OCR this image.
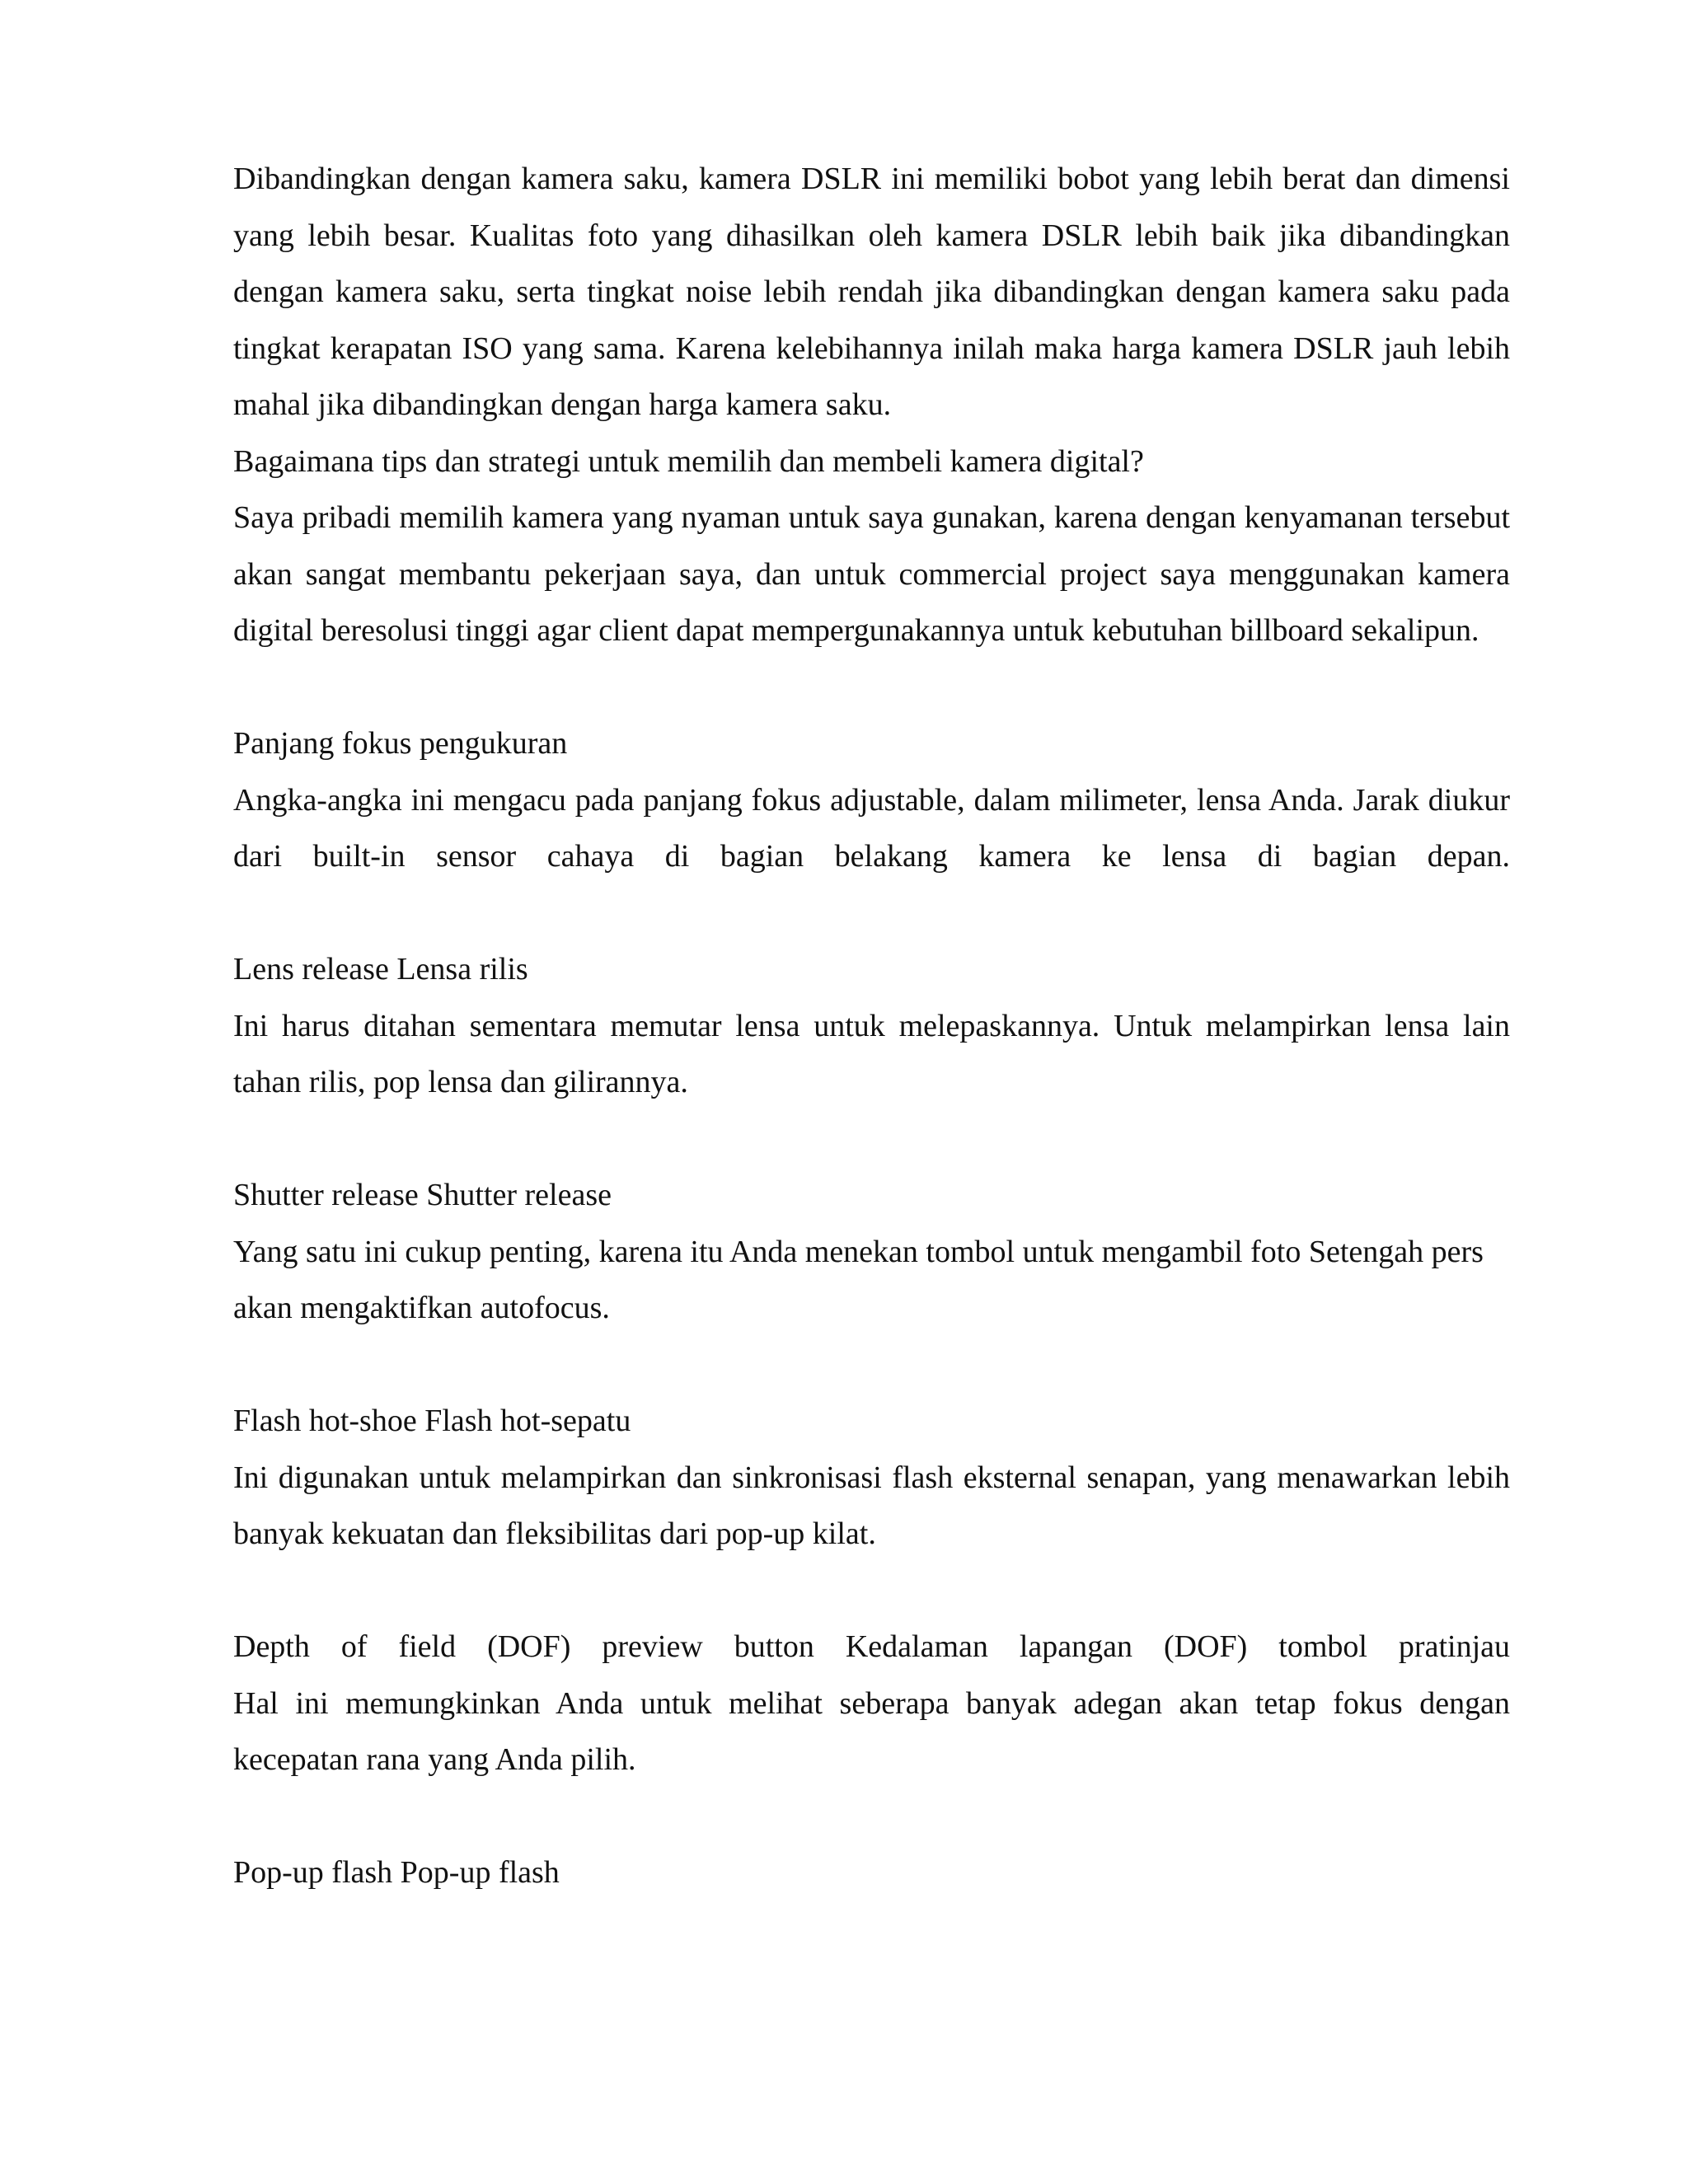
Dibandingkan dengan kamera saku, kamera DSLR ini memiliki bobot yang lebih berat dan dimensi yang lebih besar. Kualitas foto yang dihasilkan oleh kamera DSLR lebih baik jika dibandingkan dengan kamera saku, serta tingkat noise lebih rendah jika dibandingkan dengan kamera saku pada tingkat kerapatan ISO yang sama. Karena kelebihannya inilah maka harga kamera DSLR jauh lebih mahal jika dibandingkan dengan harga kamera saku.

Bagaimana tips dan strategi untuk memilih dan membeli kamera digital?

Saya pribadi memilih kamera yang nyaman untuk saya gunakan, karena dengan kenyamanan tersebut akan sangat membantu pekerjaan saya, dan untuk commercial project saya menggunakan kamera digital beresolusi tinggi agar client dapat mempergunakannya untuk kebutuhan billboard sekalipun.

Panjang fokus pengukuran

Angka-angka ini mengacu pada panjang fokus adjustable, dalam milimeter, lensa Anda. Jarak diukur dari built-in sensor cahaya di bagian belakang kamera ke lensa di bagian depan.

Lens release Lensa rilis

Ini harus ditahan sementara memutar lensa untuk melepaskannya. Untuk melampirkan lensa lain tahan rilis, pop lensa dan gilirannya.

Shutter release Shutter release

Yang satu ini cukup penting, karena itu Anda menekan tombol untuk mengambil foto Setengah pers akan mengaktifkan autofocus.

Flash hot-shoe Flash hot-sepatu

Ini digunakan untuk melampirkan dan sinkronisasi flash eksternal senapan, yang menawarkan lebih banyak kekuatan dan fleksibilitas dari pop-up kilat.

Depth of field (DOF) preview button Kedalaman lapangan (DOF) tombol pratinjau

Hal ini memungkinkan Anda untuk melihat seberapa banyak adegan akan tetap fokus dengan kecepatan rana yang Anda pilih.

Pop-up flash Pop-up flash
